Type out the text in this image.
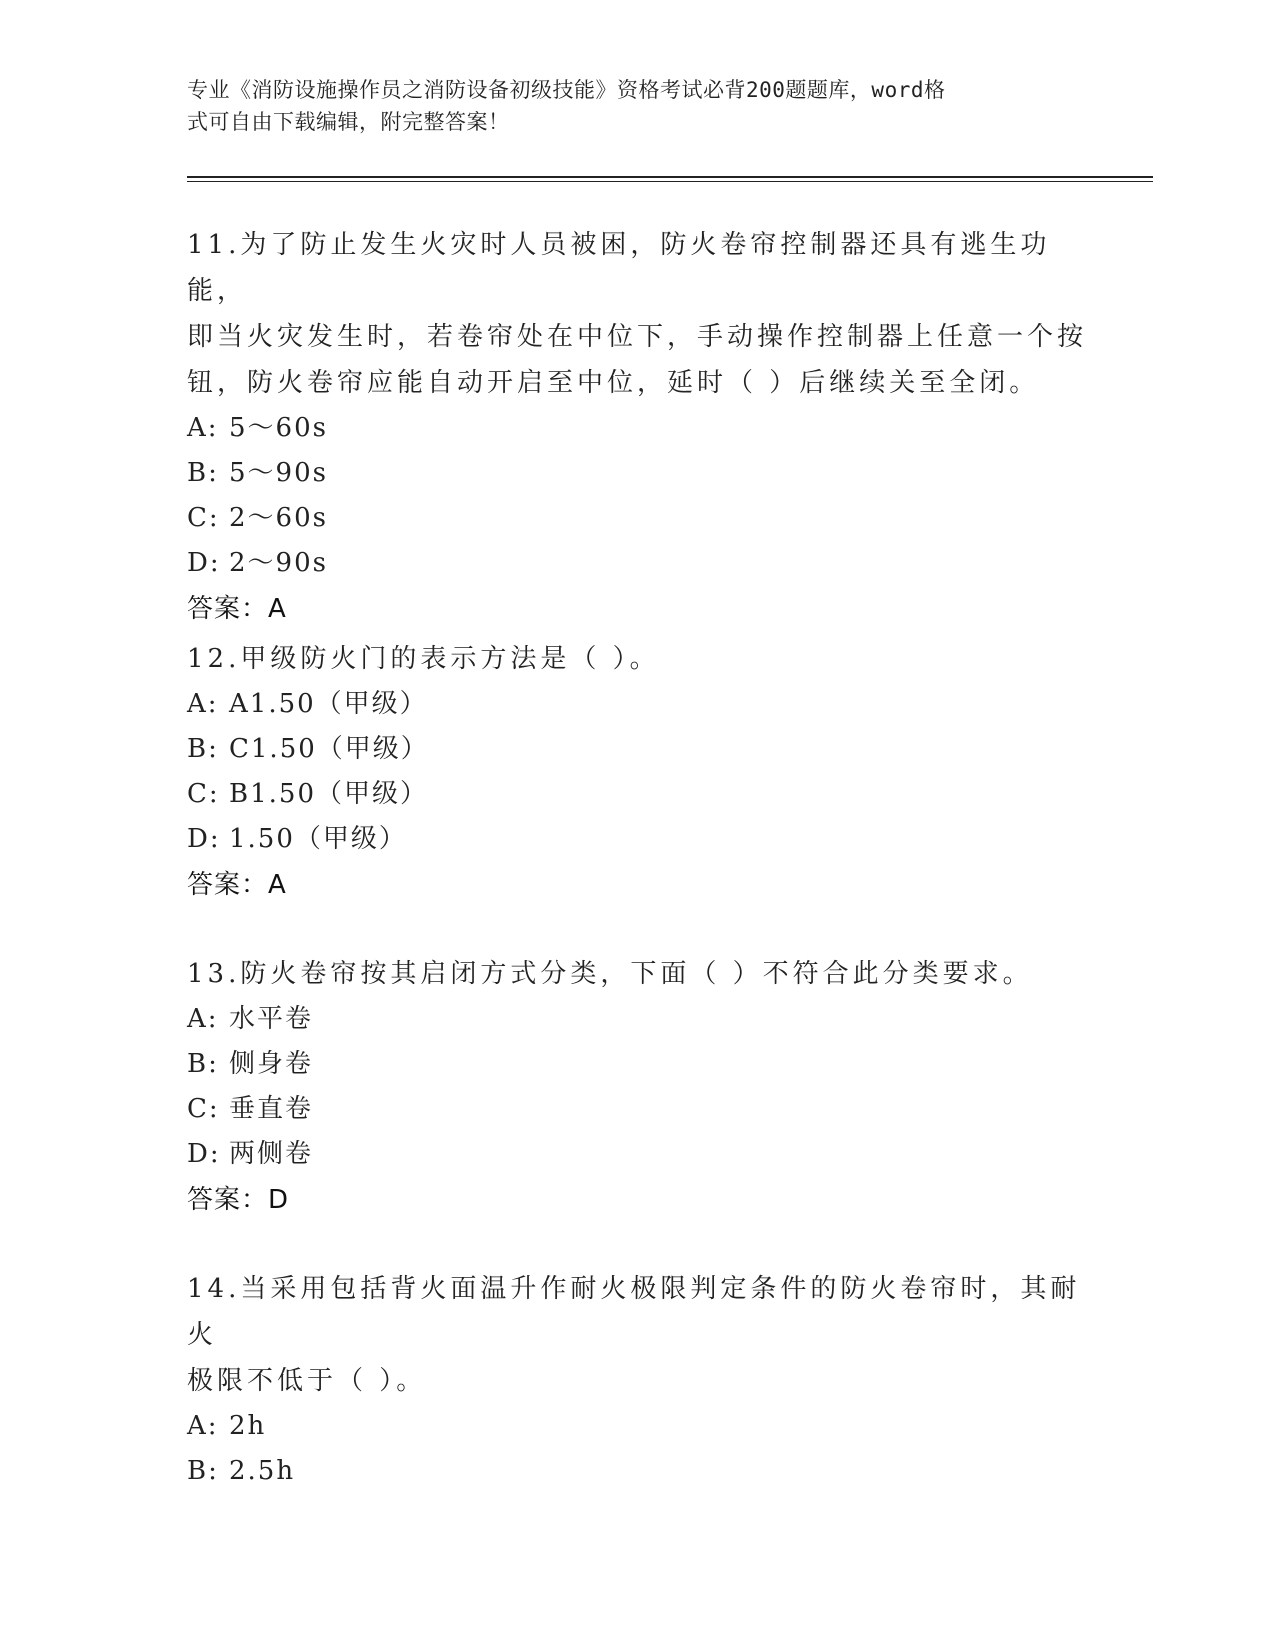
专业《消防设施操作员之消防设备初级技能》资格考试必背200题题库，word格
式可自由下载编辑，附完整答案！
11.为了防止发生火灾时人员被困，防火卷帘控制器还具有逃生功能，
即当火灾发生时，若卷帘处在中位下，手动操作控制器上任意一个按
钮，防火卷帘应能自动开启至中位，延时（ ）后继续关至全闭。
A: 5～60s
B: 5～90s
C: 2～60s
D: 2～90s
答案：A
12.甲级防火门的表示方法是（ ）。
A: A1.50（甲级）
B: C1.50（甲级）
C: B1.50（甲级）
D: 1.50（甲级）
答案：A
13.防火卷帘按其启闭方式分类，下面（ ）不符合此分类要求。
A: 水平卷
B: 侧身卷
C: 垂直卷
D: 两侧卷
答案：D
14.当采用包括背火面温升作耐火极限判定条件的防火卷帘时，其耐火
极限不低于（ ）。
A: 2h
B: 2.5h
